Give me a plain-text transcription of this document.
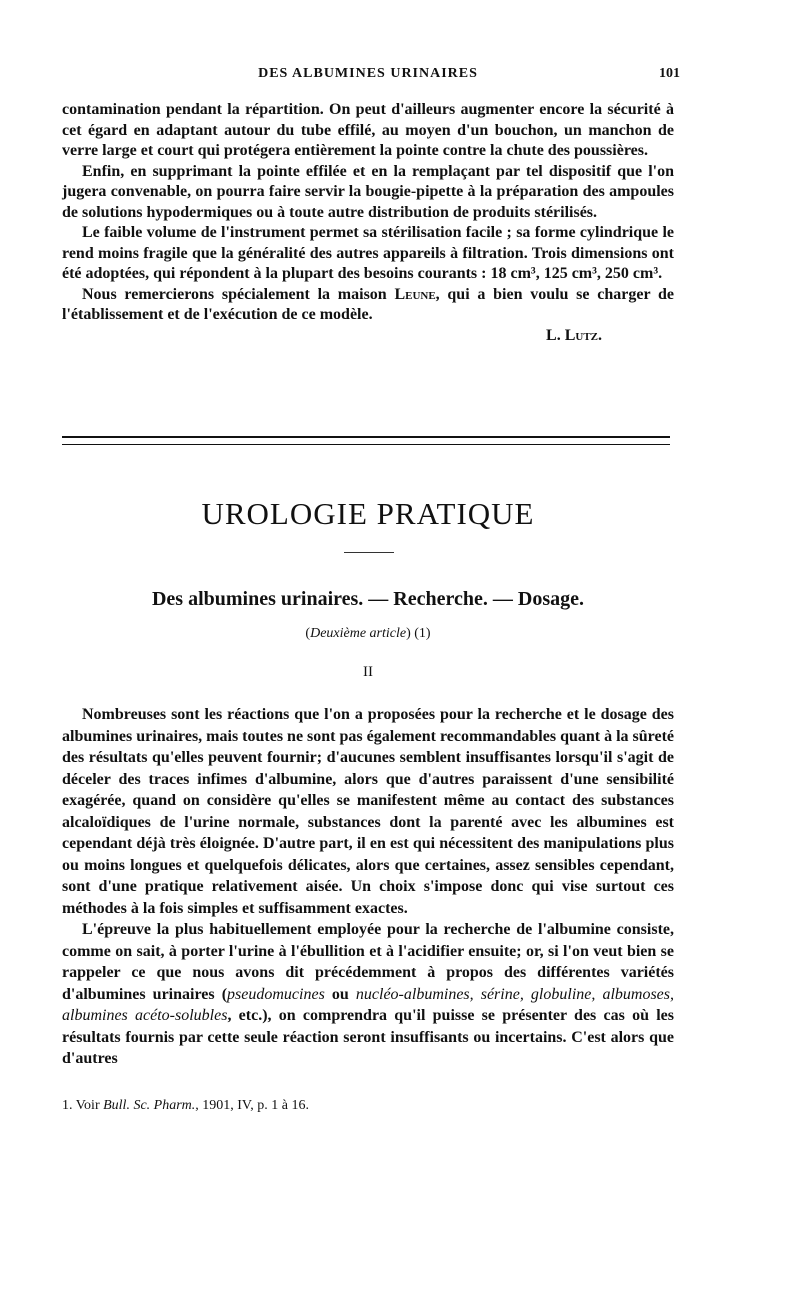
DES ALBUMINES URINAIRES	101

contamination pendant la répartition. On peut d'ailleurs augmenter encore la sécurité à cet égard en adaptant autour du tube effilé, au moyen d'un bouchon, un manchon de verre large et court qui protégera entièrement la pointe contre la chute des poussières.

Enfin, en supprimant la pointe effilée et en la remplaçant par tel dispositif que l'on jugera convenable, on pourra faire servir la bougie-pipette à la préparation des ampoules de solutions hypodermiques ou à toute autre distribution de produits stérilisés.

Le faible volume de l'instrument permet sa stérilisation facile ; sa forme cylindrique le rend moins fragile que la généralité des autres appareils à filtration. Trois dimensions ont été adoptées, qui répondent à la plupart des besoins courants : 18 cm³, 125 cm³, 250 cm³.

Nous remercierons spécialement la maison Leune, qui a bien voulu se charger de l'établissement et de l'exécution de ce modèle.

L. Lutz.
UROLOGIE PRATIQUE
Des albumines urinaires. — Recherche. — Dosage.
(Deuxième article) (1)
II

Nombreuses sont les réactions que l'on a proposées pour la recherche et le dosage des albumines urinaires, mais toutes ne sont pas également recommandables quant à la sûreté des résultats qu'elles peuvent fournir; d'aucunes semblent insuffisantes lorsqu'il s'agit de déceler des traces infimes d'albumine, alors que d'autres paraissent d'une sensibilité exagérée, quand on considère qu'elles se manifestent même au contact des substances alcaloïdiques de l'urine normale, substances dont la parenté avec les albumines est cependant déjà très éloignée. D'autre part, il en est qui nécessitent des manipulations plus ou moins longues et quelquefois délicates, alors que certaines, assez sensibles cependant, sont d'une pratique relativement aisée. Un choix s'impose donc qui vise surtout ces méthodes à la fois simples et suffisamment exactes.

L'épreuve la plus habituellement employée pour la recherche de l'albumine consiste, comme on sait, à porter l'urine à l'ébullition et à l'acidifier ensuite; or, si l'on veut bien se rappeler ce que nous avons dit précédemment à propos des différentes variétés d'albumines urinaires (pseudomucines ou nucléo-albumines, sérine, globuline, albumoses, albumines acéto-solubles, etc.), on comprendra qu'il puisse se présenter des cas où les résultats fournis par cette seule réaction seront insuffisants ou incertains. C'est alors que d'autres

1. Voir Bull. Sc. Pharm., 1901, IV, p. 1 à 16.
